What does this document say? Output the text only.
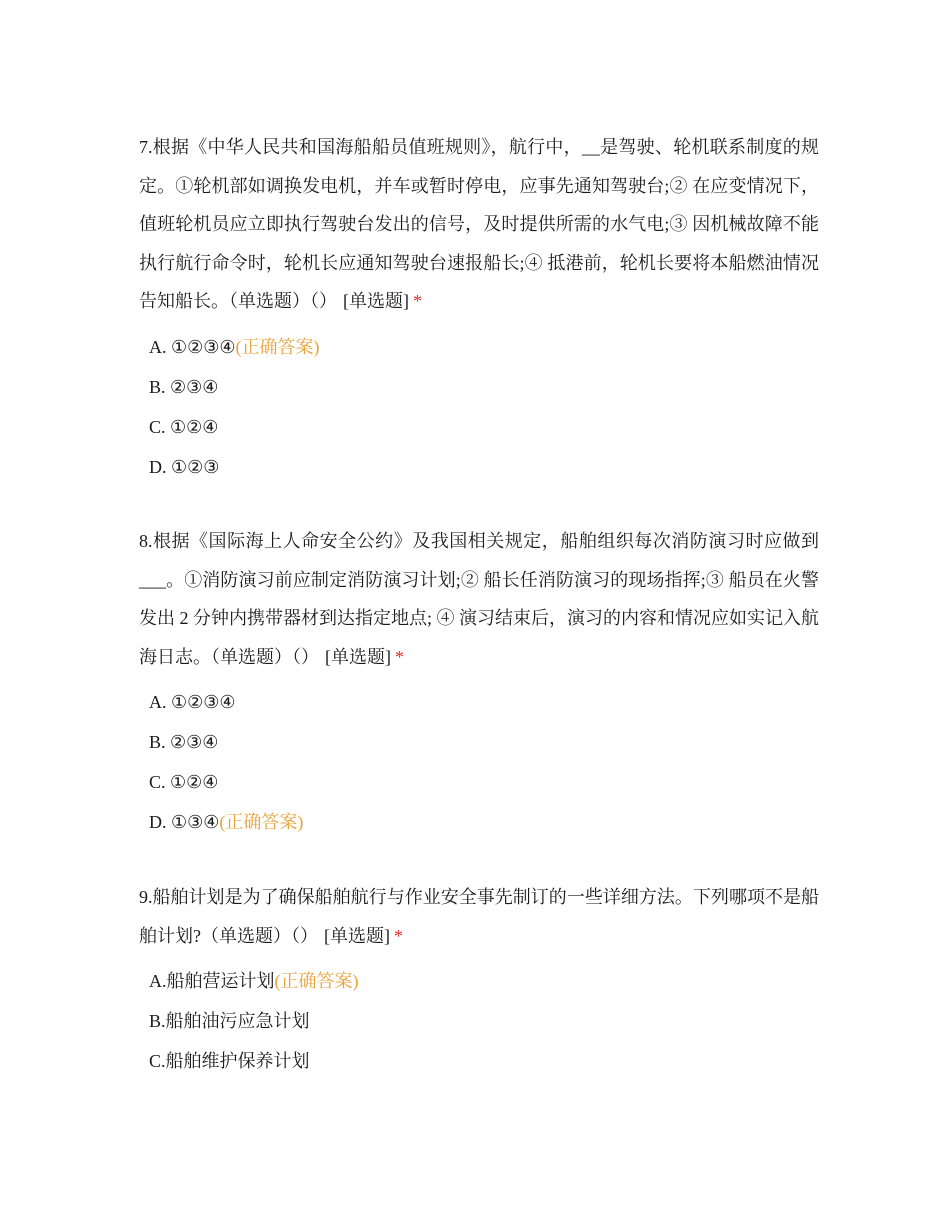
7.根据《中华人民共和国海船船员值班规则》，航行中，__是驾驶、轮机联系制度的规定。①轮机部如调换发电机，并车或暂时停电，应事先通知驾驶台;② 在应变情况下，值班轮机员应立即执行驾驶台发出的信号，及时提供所需的水气电;③ 因机械故障不能执行航行命令时，轮机长应通知驾驶台速报船长;④ 抵港前，轮机长要将本船燃油情况告知船长。（单选题）（） [单选题] *

A. ①②③④(正确答案)
B. ②③④
C. ①②④
D. ①②③

8.根据《国际海上人命安全公约》及我国相关规定，船舶组织每次消防演习时应做到___。①消防演习前应制定消防演习计划;② 船长任消防演习的现场指挥;③ 船员在火警发出 2 分钟内携带器材到达指定地点; ④ 演习结束后，演习的内容和情况应如实记入航海日志。（单选题）（） [单选题] *

A. ①②③④
B. ②③④
C. ①②④
D. ①③④(正确答案)

9.船舶计划是为了确保船舶航行与作业安全事先制订的一些详细方法。下列哪项不是船舶计划?（单选题）（） [单选题] *

A.船舶营运计划(正确答案)
B.船舶油污应急计划
C.船舶维护保养计划
